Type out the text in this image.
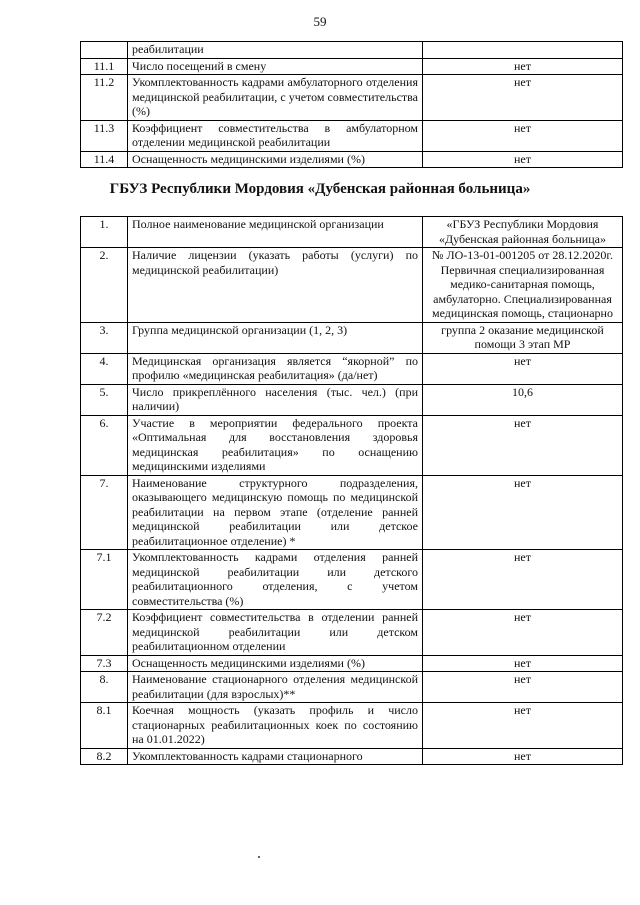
59
	реабилитации	
11.1	Число посещений в смену	нет
11.2	Укомплектованность кадрами амбулаторного отделения медицинской реабилитации, с учетом совместительства (%)	нет
11.3	Коэффициент совместительства в амбулаторном отделении медицинской реабилитации	нет
11.4	Оснащенность медицинскими изделиями (%)	нет
ГБУЗ Республики Мордовия «Дубенская районная больница»
1.	Полное наименование медицинской организации	«ГБУЗ Республики Мордовия «Дубенская районная больница»
2.	Наличие лицензии (указать работы (услуги) по медицинской реабилитации)	№ ЛО-13-01-001205 от 28.12.2020г. Первичная специализированная медико-санитарная помощь, амбулаторно. Специализированная медицинская помощь, стационарно
3.	Группа медицинской организации (1, 2, 3)	группа 2 оказание медицинской помощи 3 этап МР
4.	Медицинская организация является “якорной” по профилю «медицинская реабилитация» (да/нет)	нет
5.	Число прикреплённого населения (тыс. чел.) (при наличии)	10,6
6.	Участие в мероприятии федерального проекта «Оптимальная для восстановления здоровья медицинская реабилитация» по оснащению медицинскими изделиями	нет
7.	Наименование структурного подразделения, оказывающего медицинскую помощь по медицинской реабилитации на первом этапе (отделение ранней медицинской реабилитации или детское реабилитационное отделение) *	нет
7.1	Укомплектованность кадрами отделения ранней медицинской реабилитации или детского реабилитационного отделения, с учетом совместительства (%)	нет
7.2	Коэффициент совместительства в отделении ранней медицинской реабилитации или детском реабилитационном отделении	нет
7.3	Оснащенность медицинскими изделиями (%)	нет
8.	Наименование стационарного отделения медицинской реабилитации (для взрослых)**	нет
8.1	Коечная мощность (указать профиль и число стационарных реабилитационных коек по состоянию на 01.01.2022)	нет
8.2	Укомплектованность кадрами стационарного	нет
